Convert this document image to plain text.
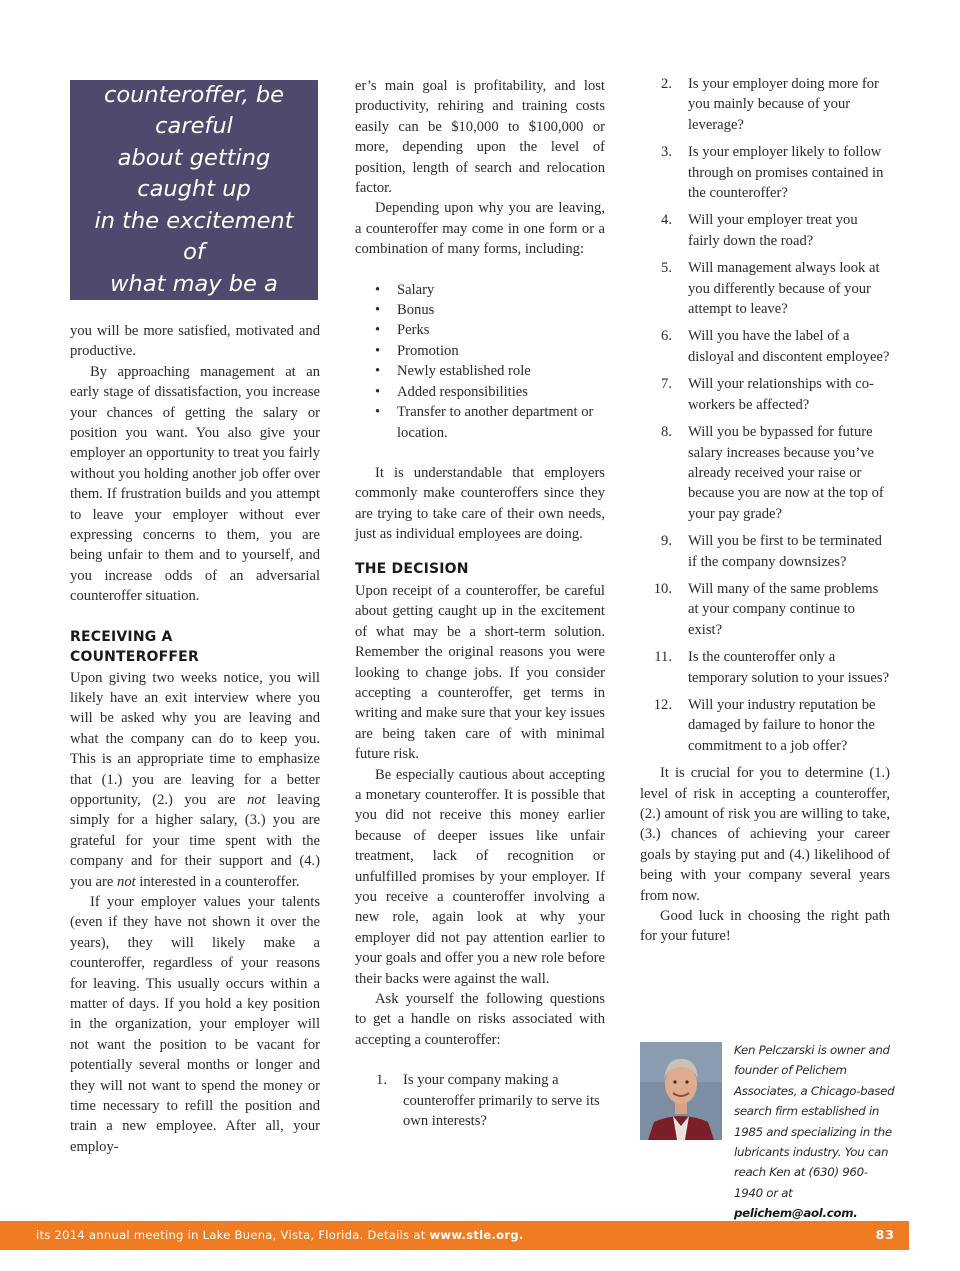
Upon receiving a
counteroffer, be careful
about getting caught up
in the excitement of
what may be a
short-term solution.

you will be more satisfied, motivated and productive.

By approaching management at an early stage of dissatisfaction, you increase your chances of getting the salary or position you want. You also give your employer an opportunity to treat you fairly without you holding another job offer over them. If frustration builds and you attempt to leave your employer without ever expressing concerns to them, you are being unfair to them and to yourself, and you increase odds of an adversarial counteroffer situation.

RECEIVING A
COUNTEROFFER

Upon giving two weeks notice, you will likely have an exit interview where you will be asked why you are leaving and what the company can do to keep you. This is an appropriate time to emphasize that (1.) you are leaving for a better opportunity, (2.) you are not leaving simply for a higher salary, (3.) you are grateful for your time spent with the company and for their support and (4.) you are not interested in a counteroffer.

If your employer values your talents (even if they have not shown it over the years), they will likely make a counteroffer, regardless of your reasons for leaving. This usually occurs within a matter of days. If you hold a key position in the organization, your employer will not want the position to be vacant for potentially several months or longer and they will not want to spend the money or time necessary to refill the position and train a new employee. After all, your employ-

er’s main goal is profitability, and lost productivity, rehiring and training costs easily can be $10,000 to $100,000 or more, depending upon the level of position, length of search and relocation factor.

Depending upon why you are leaving, a counteroffer may come in one form or a combination of many forms, including:

• Salary
• Bonus
• Perks
• Promotion
• Newly established role
• Added responsibilities
• Transfer to another department or location.

It is understandable that employers commonly make counteroffers since they are trying to take care of their own needs, just as individual employees are doing.

THE DECISION

Upon receipt of a counteroffer, be careful about getting caught up in the excitement of what may be a short-term solution. Remember the original reasons you were looking to change jobs. If you consider accepting a counteroffer, get terms in writing and make sure that your key issues are being taken care of with minimal future risk.

Be especially cautious about accepting a monetary counteroffer. It is possible that you did not receive this money earlier because of deeper issues like unfair treatment, lack of recognition or unfulfilled promises by your employer. If you receive a counteroffer involving a new role, again look at why your employer did not pay attention earlier to your goals and offer you a new role before their backs were against the wall.

Ask yourself the following questions to get a handle on risks associated with accepting a counteroffer:

1. Is your company making a counteroffer primarily to serve its own interests?
2. Is your employer doing more for you mainly because of your leverage?
3. Is your employer likely to follow through on promises contained in the counteroffer?
4. Will your employer treat you fairly down the road?
5. Will management always look at you differently because of your attempt to leave?
6. Will you have the label of a disloyal and discontent employee?
7. Will your relationships with co-workers be affected?
8. Will you be bypassed for future salary increases because you’ve already received your raise or because you are now at the top of your pay grade?
9. Will you be first to be terminated if the company downsizes?
10. Will many of the same problems at your company continue to exist?
11. Is the counteroffer only a temporary solution to your issues?
12. Will your industry reputation be damaged by failure to honor the commitment to a job offer?

It is crucial for you to determine (1.) level of risk in accepting a counteroffer, (2.) amount of risk you are willing to take, (3.) chances of achieving your career goals by staying put and (4.) likelihood of being with your company several years from now.

Good luck in choosing the right path for your future!

Ken Pelczarski is owner and founder of Pelichem Associates, a Chicago-based search firm established in 1985 and specializing in the lubricants industry. You can reach Ken at (630) 960-1940 or at pelichem@aol.com.
its 2014 annual meeting in Lake Buena, Vista, Florida. Details at www.stle.org.	83
